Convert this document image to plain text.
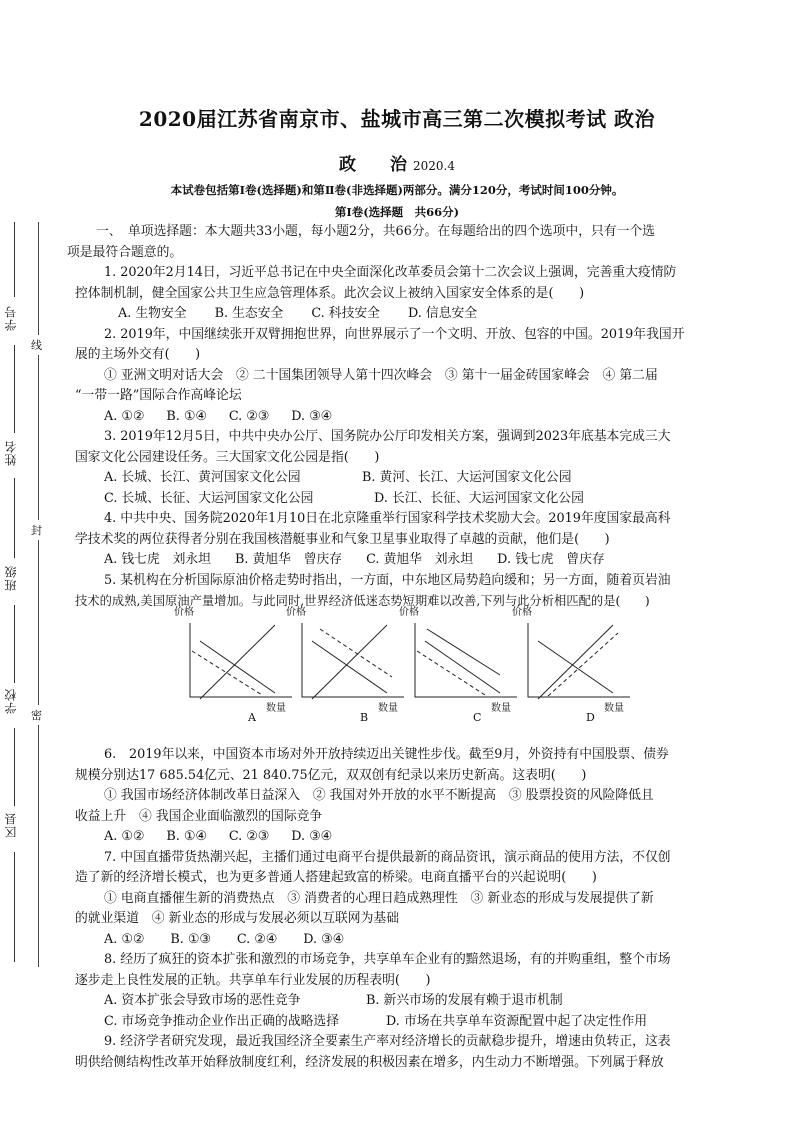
学号
姓名
班级
学校
区县
线
封
密
2020届江苏省南京市、盐城市高三第二次模拟考试 政治
政　　治 2020.4
本试卷包括第Ⅰ卷(选择题)和第Ⅱ卷(非选择题)两部分。满分120分，考试时间100分钟。
第Ⅰ卷(选择题　共66分)

一、　单项选择题：本大题共33小题，每小题2分，共66分。在每题给出的四个选项中，只有一个选

项是最符合题意的。

1. 2020年2月14日，习近平总书记在中央全面深化改革委员会第十二次会议上强调，完善重大疫情防

控体制机制，健全国家公共卫生应急管理体系。此次会议上被纳入国家安全体系的是(　　)

A. 生物安全 B. 生态安全 C. 科技安全 D. 信息安全

2. 2019年，中国继续张开双臂拥抱世界，向世界展示了一个文明、开放、包容的中国。2019年我国开

展的主场外交有(　　)

① 亚洲文明对话大会　② 二十国集团领导人第十四次峰会　③ 第十一届金砖国家峰会　④ 第二届

“一带一路”国际合作高峰论坛

A. ①② B. ①④ C. ②③ D. ③④

3. 2019年12月5日，中共中央办公厅、国务院办公厅印发相关方案，强调到2023年底基本完成三大

国家文化公园建设任务。三大国家文化公园是指(　　)

A. 长城、长江、黄河国家文化公园	B. 黄河、长江、大运河国家文化公园

C. 长城、长征、大运河国家文化公园	D. 长江、长征、大运河国家文化公园

4. 中共中央、国务院2020年1月10日在北京隆重举行国家科学技术奖励大会。2019年度国家最高科

学技术奖的两位获得者分别在我国核潜艇事业和气象卫星事业取得了卓越的贡献，他们是(　　)

A. 钱七虎　刘永坦 B. 黄旭华　曾庆存 C. 黄旭华　刘永坦 D. 钱七虎　曾庆存

5. 某机构在分析国际原油价格走势时指出，一方面，中东地区局势趋向缓和；另一方面，随着页岩油

技术的成熟,美国原油产量增加。与此同时,世界经济低迷态势短期难以改善,下列与此分析相匹配的是(　　)

价格
数量
A
价格
数量
B
价格
数量
C
价格
数量
D

6.　2019年以来，中国资本市场对外开放持续迈出关键性步伐。截至9月，外资持有中国股票、债券

规模分别达17 685.54亿元、21 840.75亿元，双双创有纪录以来历史新高。这表明(　　)

① 我国市场经济体制改革日益深入　② 我国对外开放的水平不断提高　③ 股票投资的风险降低且

收益上升　④ 我国企业面临激烈的国际竞争

A. ①② B. ①④ C. ②③ D. ③④

7. 中国直播带货热潮兴起，主播们通过电商平台提供最新的商品资讯，演示商品的使用方法，不仅创

造了新的经济增长模式，也为更多普通人搭建起致富的桥梁。电商直播平台的兴起说明(　　)

① 电商直播催生新的消费热点　③ 消费者的心理日趋成熟理性　③ 新业态的形成与发展提供了新

的就业渠道　④ 新业态的形成与发展必须以互联网为基础

A. ①② B. ①③ C. ②④ D. ③④

8. 经历了疯狂的资本扩张和激烈的市场竞争，共享单车企业有的黯然退场，有的并购重组，整个市场

逐步走上良性发展的正轨。共享单车行业发展的历程表明(　　)

A. 资本扩张会导致市场的恶性竞争	B. 新兴市场的发展有赖于退市机制

C. 市场竞争推动企业作出正确的战略选择	D. 市场在共享单车资源配置中起了决定性作用

9. 经济学者研究发现，最近我国经济全要素生产率对经济增长的贡献稳步提升，增速由负转正，这表

明供给侧结构性改革开始释放制度红利，经济发展的积极因素在增多，内生动力不断增强。下列属于释放
